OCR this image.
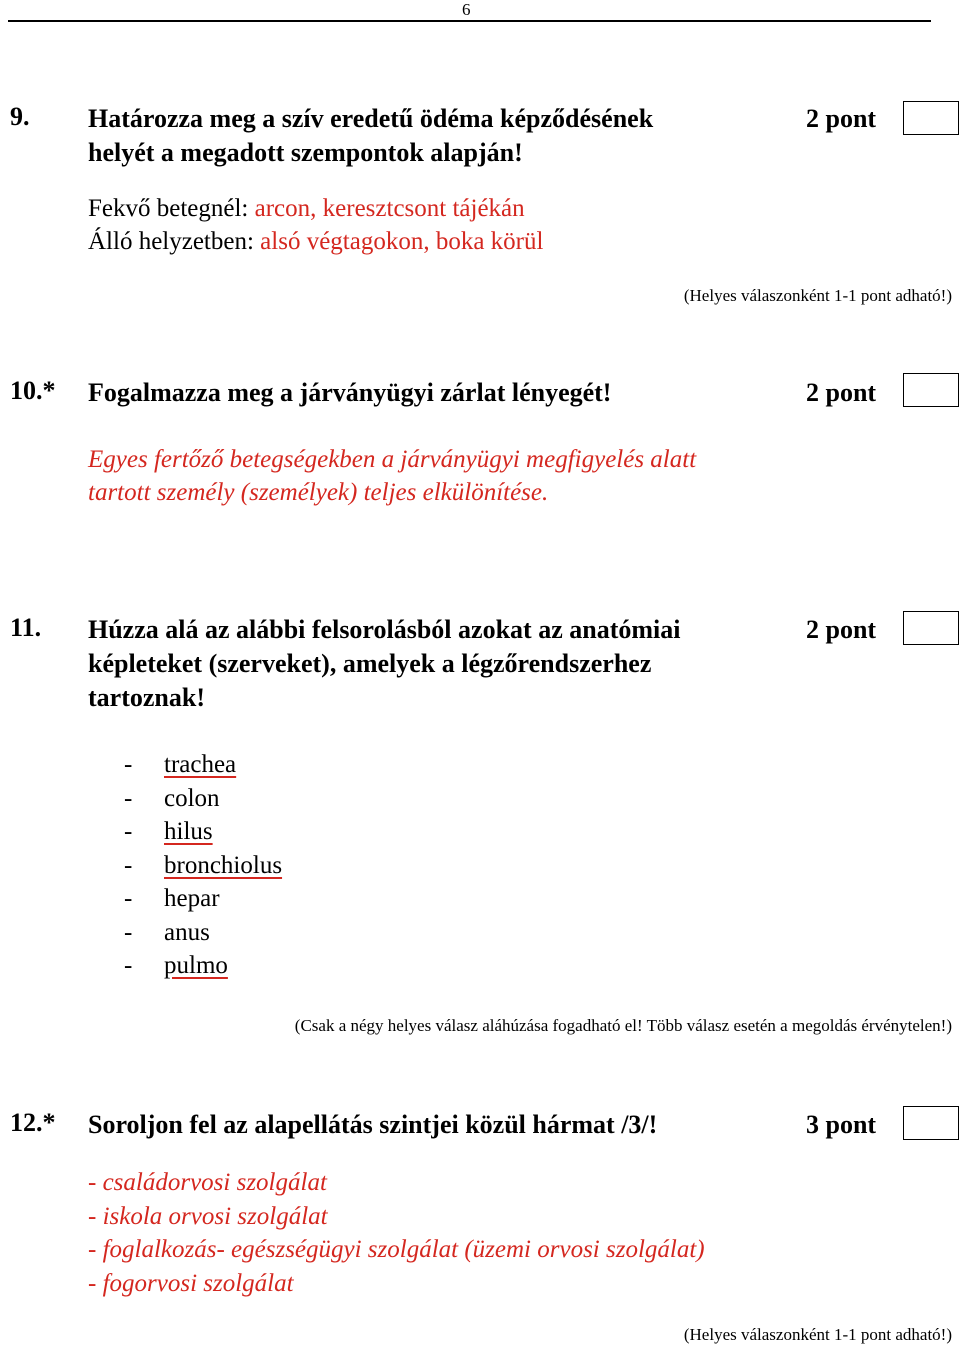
6
9. Határozza meg a szív eredetű ödéma képződésének
helyét a megadott szempontok alapján!
2 pont
Fekvő betegnél: arcon, keresztcsont tájékán
Álló helyzetben: alsó végtagokon, boka körül
(Helyes válaszonként 1-1 pont adható!)
10.* Fogalmazza meg a járványügyi zárlat lényegét!	2 pont
Egyes fertőző betegségekben a járványügyi megfigyelés alatt
tartott személy (személyek) teljes elkülönítése.
11. Húzza alá az alábbi felsorolásból azokat az anatómiai
képleteket (szerveket), amelyek a légzőrendszerhez
tartoznak!
2 pont
- trachea
- colon
- hilus
- bronchiolus
- hepar
- anus
- pulmo
(Csak a négy helyes válasz aláhúzása fogadható el! Több válasz esetén a megoldás érvénytelen!)
12.* Soroljon fel az alapellátás szintjei közül hármat /3/!	3 pont
- családorvosi szolgálat
- iskola orvosi szolgálat
- foglalkozás- egészségügyi szolgálat (üzemi orvosi szolgálat)
- fogorvosi szolgálat
(Helyes válaszonként 1-1 pont adható!)
